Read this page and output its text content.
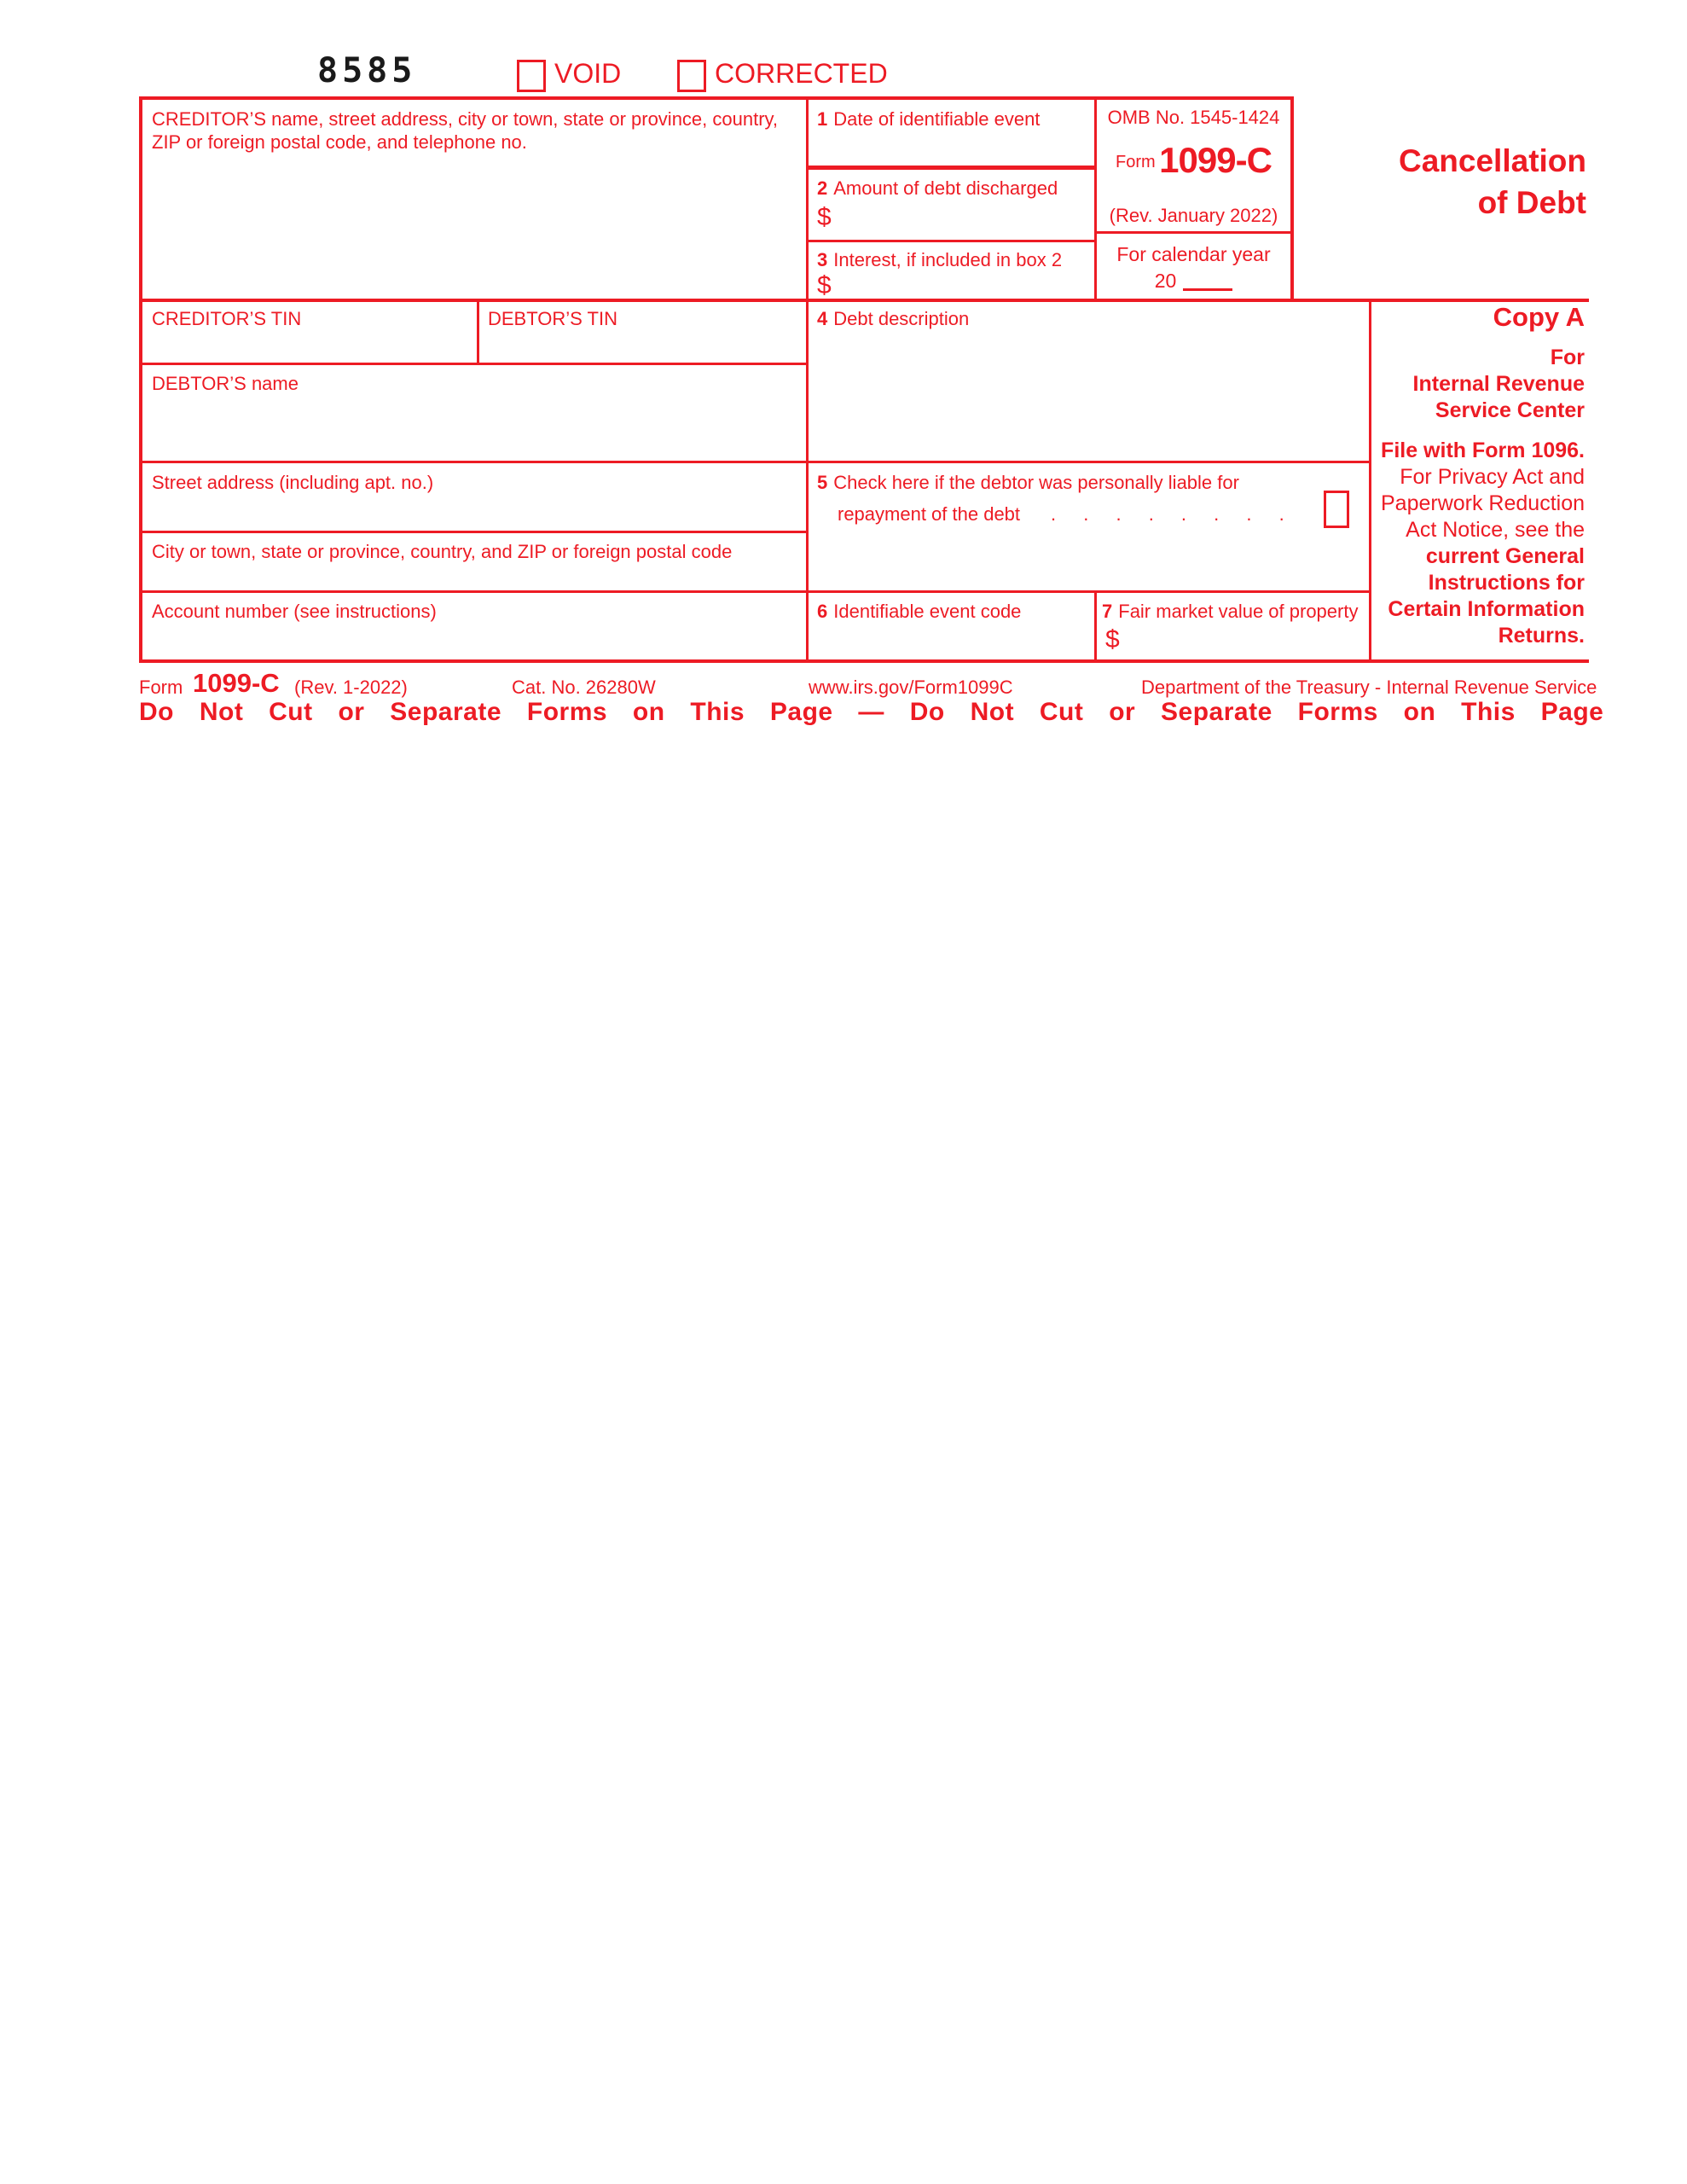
8585	VOID	CORRECTED
CREDITOR’S name, street address, city or town, state or province, country, ZIP or foreign postal code, and telephone no.
1 Date of identifiable event
2 Amount of debt discharged
$
3 Interest, if included in box 2
$
OMB No. 1545-1424
Form 1099-C
(Rev. January 2022)
For calendar year
20
Cancellation
of Debt
CREDITOR’S TIN	DEBTOR’S TIN
DEBTOR’S name
4 Debt description
Street address (including apt. no.)
City or town, state or province, country, and ZIP or foreign postal code
5 Check here if the debtor was personally liable for
repayment of the debt . . . . . . . .
Account number (see instructions)	6 Identifiable event code	7 Fair market value of property
$
Copy A
For
Internal Revenue
Service Center
File with Form 1096.
For Privacy Act and
Paperwork Reduction
Act Notice, see the
current General
Instructions for
Certain Information
Returns.
Form 1099-C (Rev. 1-2022)	Cat. No. 26280W	www.irs.gov/Form1099C	Department of the Treasury - Internal Revenue Service
Do Not Cut or Separate Forms on This Page — Do Not Cut or Separate Forms on This Page
